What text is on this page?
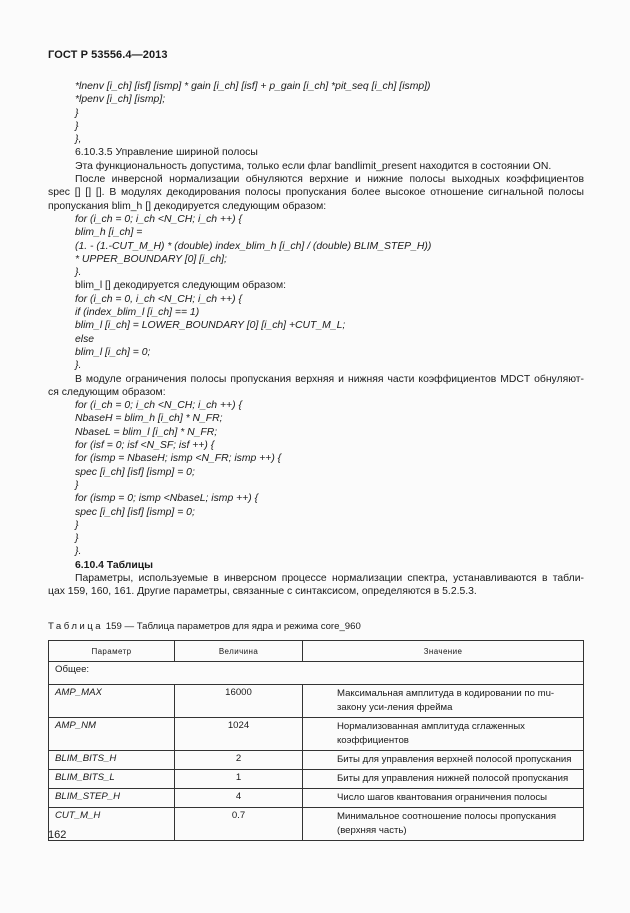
ГОСТ Р 53556.4—2013
*lnenv [i_ch] [isf] [ismp] * gain [i_ch] [isf] + p_gain [i_ch] *pit_seq [i_ch] [ismp])
*lpenv [i_ch] [ismp];
}
}
},
6.10.3.5 Управление шириной полосы
Эта функциональность допустима, только если флаг bandlimit_present находится в состоянии ON.
После инверсной нормализации обнуляются верхние и нижние полосы выходных коэффициентов
spec [] [] []. В модулях декодирования полосы пропускания более высокое отношение сигнальной полосы
пропускания blim_h [] декодируется следующим образом:
for (i_ch = 0; i_ch <N_CH; i_ch ++) {
blim_h [i_ch] =
(1. - (1.-CUT_M_H) * (double) index_blim_h [i_ch] / (double) BLIM_STEP_H))
* UPPER_BOUNDARY [0] [i_ch];
}.
blim_l [] декодируется следующим образом:
for (i_ch = 0, i_ch <N_CH; i_ch ++) {
if (index_blim_l [i_ch] == 1)
blim_l [i_ch] = LOWER_BOUNDARY [0] [i_ch] +CUT_M_L;
else
blim_l [i_ch] = 0;
}.
В модуле ограничения полосы пропускания верхняя и нижняя части коэффициентов MDCT обнуляют-
ся следующим образом:
for (i_ch = 0; i_ch <N_CH; i_ch ++) {
NbaseH = blim_h [i_ch] * N_FR;
NbaseL = blim_l [i_ch] * N_FR;
for (isf = 0; isf <N_SF; isf ++) {
for (ismp = NbaseH; ismp <N_FR; ismp ++) {
spec [i_ch] [isf] [ismp] = 0;
}
for (ismp = 0; ismp <NbaseL; ismp ++) {
spec [i_ch] [isf] [ismp] = 0;
}
}
}.
6.10.4 Таблицы
Параметры, используемые в инверсном процессе нормализации спектра, устанавливаются в табли-
цах 159, 160, 161. Другие параметры, связанные с синтаксисом, определяются в 5.2.5.3.
Таблица 159 — Таблица параметров для ядра и режима core_960
Параметр	Величина	Значение
Общее:		
AMP_MAX	16000	Максимальная амплитуда в кодировании по mu-закону уси-ления фрейма
AMP_NM	1024	Нормализованная амплитуда сглаженных коэффициентов
BLIM_BITS_H	2	Биты для управления верхней полосой пропускания
BLIM_BITS_L	1	Биты для управления нижней полосой пропускания
BLIM_STEP_H	4	Число шагов квантования ограничения полосы
CUT_M_H	0.7	Минимальное соотношение полосы пропускания (верхняя часть)
162
